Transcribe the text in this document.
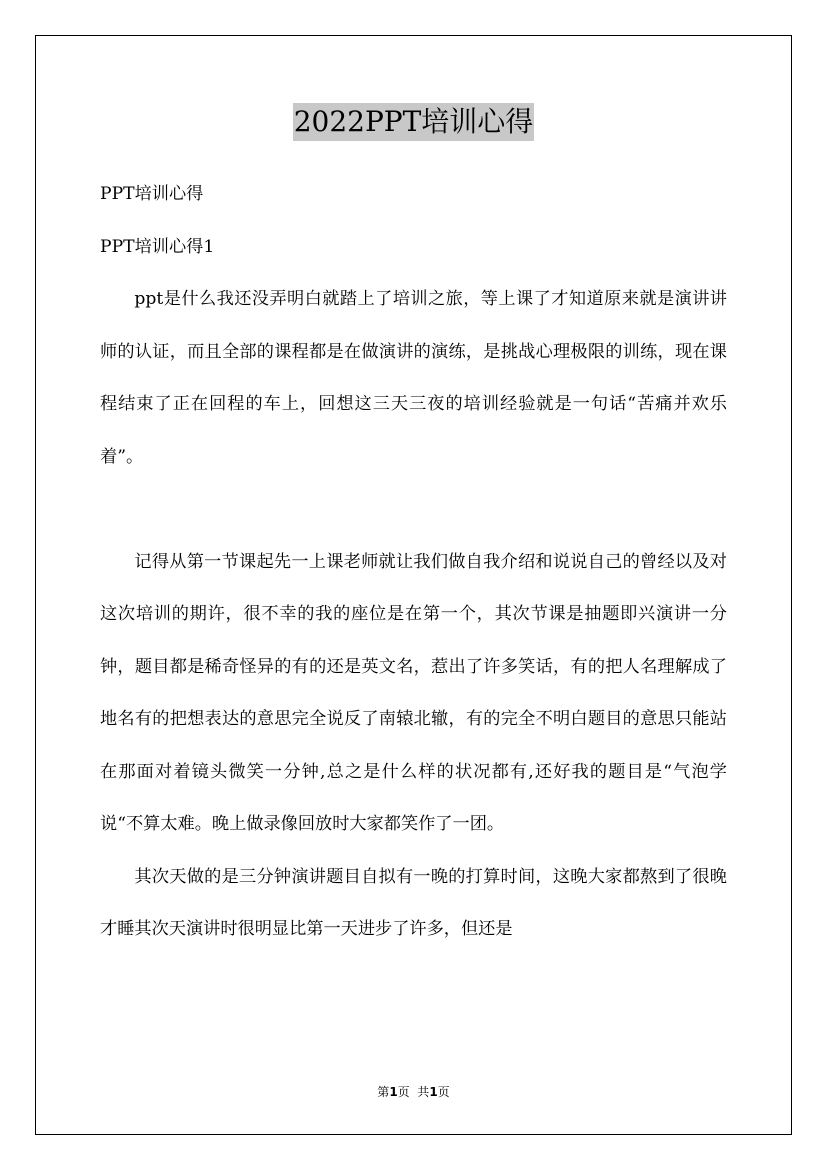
2022PPT培训心得

PPT培训心得

PPT培训心得1

ppt是什么我还没弄明白就踏上了培训之旅，等上课了才知道原来就是演讲讲师的认证，而且全部的课程都是在做演讲的演练，是挑战心理极限的训练，现在课程结束了正在回程的车上，回想这三天三夜的培训经验就是一句话“苦痛并欢乐着”。

记得从第一节课起先一上课老师就让我们做自我介绍和说说自己的曾经以及对这次培训的期许，很不幸的我的座位是在第一个，其次节课是抽题即兴演讲一分钟，题目都是稀奇怪异的有的还是英文名，惹出了许多笑话，有的把人名理解成了地名有的把想表达的意思完全说反了南辕北辙，有的完全不明白题目的意思只能站在那面对着镜头微笑一分钟,总之是什么样的状况都有,还好我的题目是“气泡学说“不算太难。晚上做录像回放时大家都笑作了一团。

其次天做的是三分钟演讲题目自拟有一晚的打算时间，这晚大家都熬到了很晚才睡其次天演讲时很明显比第一天进步了许多，但还是

第1页  共1页
